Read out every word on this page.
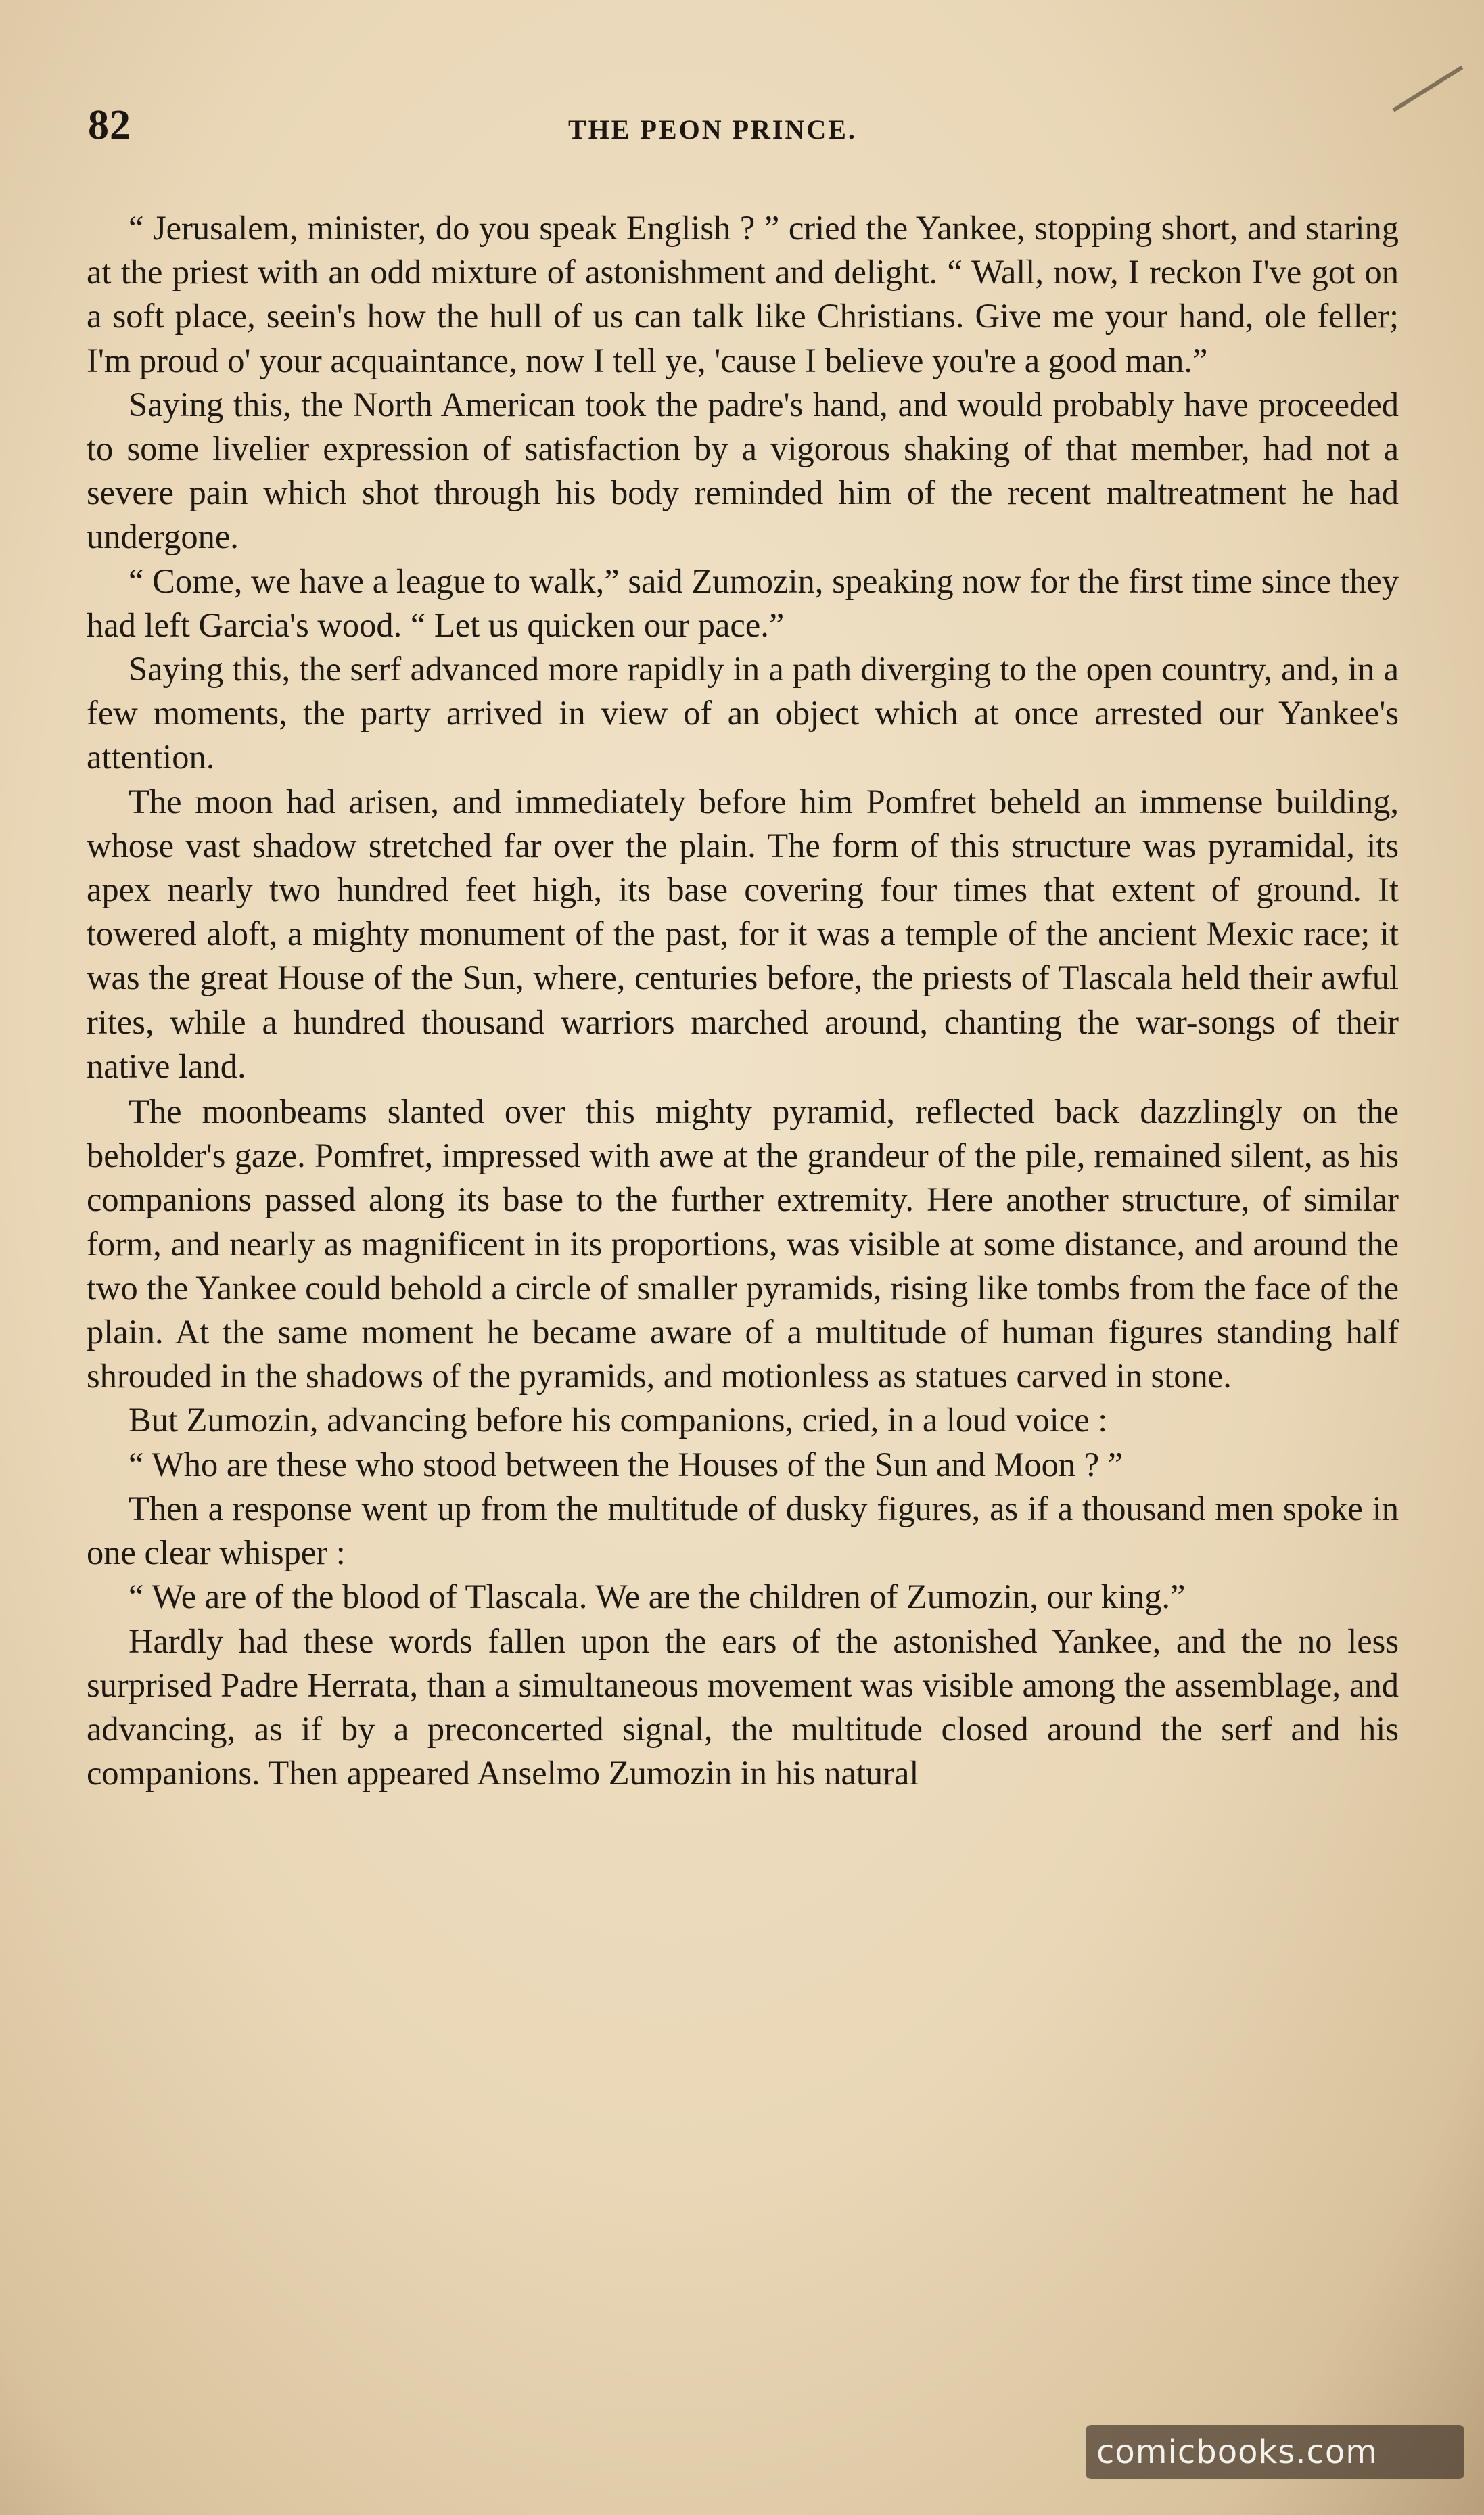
82	THE PEON PRINCE.

“ Jerusalem, minister, do you speak English ? ” cried the Yankee, stopping short, and staring at the priest with an odd mixture of astonishment and delight. “ Wall, now, I reckon I've got on a soft place, seein's how the hull of us can talk like Christians. Give me your hand, ole feller; I'm proud o' your acquaintance, now I tell ye, 'cause I believe you're a good man.”

Saying this, the North American took the padre's hand, and would probably have proceeded to some livelier expression of satisfaction by a vigorous shaking of that member, had not a severe pain which shot through his body reminded him of the recent maltreatment he had undergone.

“ Come, we have a league to walk,” said Zumozin, speaking now for the first time since they had left Garcia's wood. “ Let us quicken our pace.”

Saying this, the serf advanced more rapidly in a path diverging to the open country, and, in a few moments, the party arrived in view of an object which at once arrested our Yankee's attention.

The moon had arisen, and immediately before him Pomfret beheld an immense building, whose vast shadow stretched far over the plain. The form of this structure was pyramidal, its apex nearly two hundred feet high, its base covering four times that extent of ground. It towered aloft, a mighty monument of the past, for it was a temple of the ancient Mexic race; it was the great House of the Sun, where, centuries before, the priests of Tlascala held their awful rites, while a hundred thousand warriors marched around, chanting the war-songs of their native land.

The moonbeams slanted over this mighty pyramid, reflected back dazzlingly on the beholder's gaze. Pomfret, impressed with awe at the grandeur of the pile, remained silent, as his companions passed along its base to the further extremity. Here another structure, of similar form, and nearly as magnificent in its proportions, was visible at some distance, and around the two the Yankee could behold a circle of smaller pyramids, rising like tombs from the face of the plain. At the same moment he became aware of a multitude of human figures standing half shrouded in the shadows of the pyramids, and motionless as statues carved in stone.

But Zumozin, advancing before his companions, cried, in a loud voice :

“ Who are these who stood between the Houses of the Sun and Moon ? ”

Then a response went up from the multitude of dusky figures, as if a thousand men spoke in one clear whisper :

“ We are of the blood of Tlascala. We are the children of Zumozin, our king.”

Hardly had these words fallen upon the ears of the astonished Yankee, and the no less surprised Padre Herrata, than a simultaneous movement was visible among the assemblage, and advancing, as if by a preconcerted signal, the multitude closed around the serf and his companions. Then appeared Anselmo Zumozin in his natural

comicbooks.com
